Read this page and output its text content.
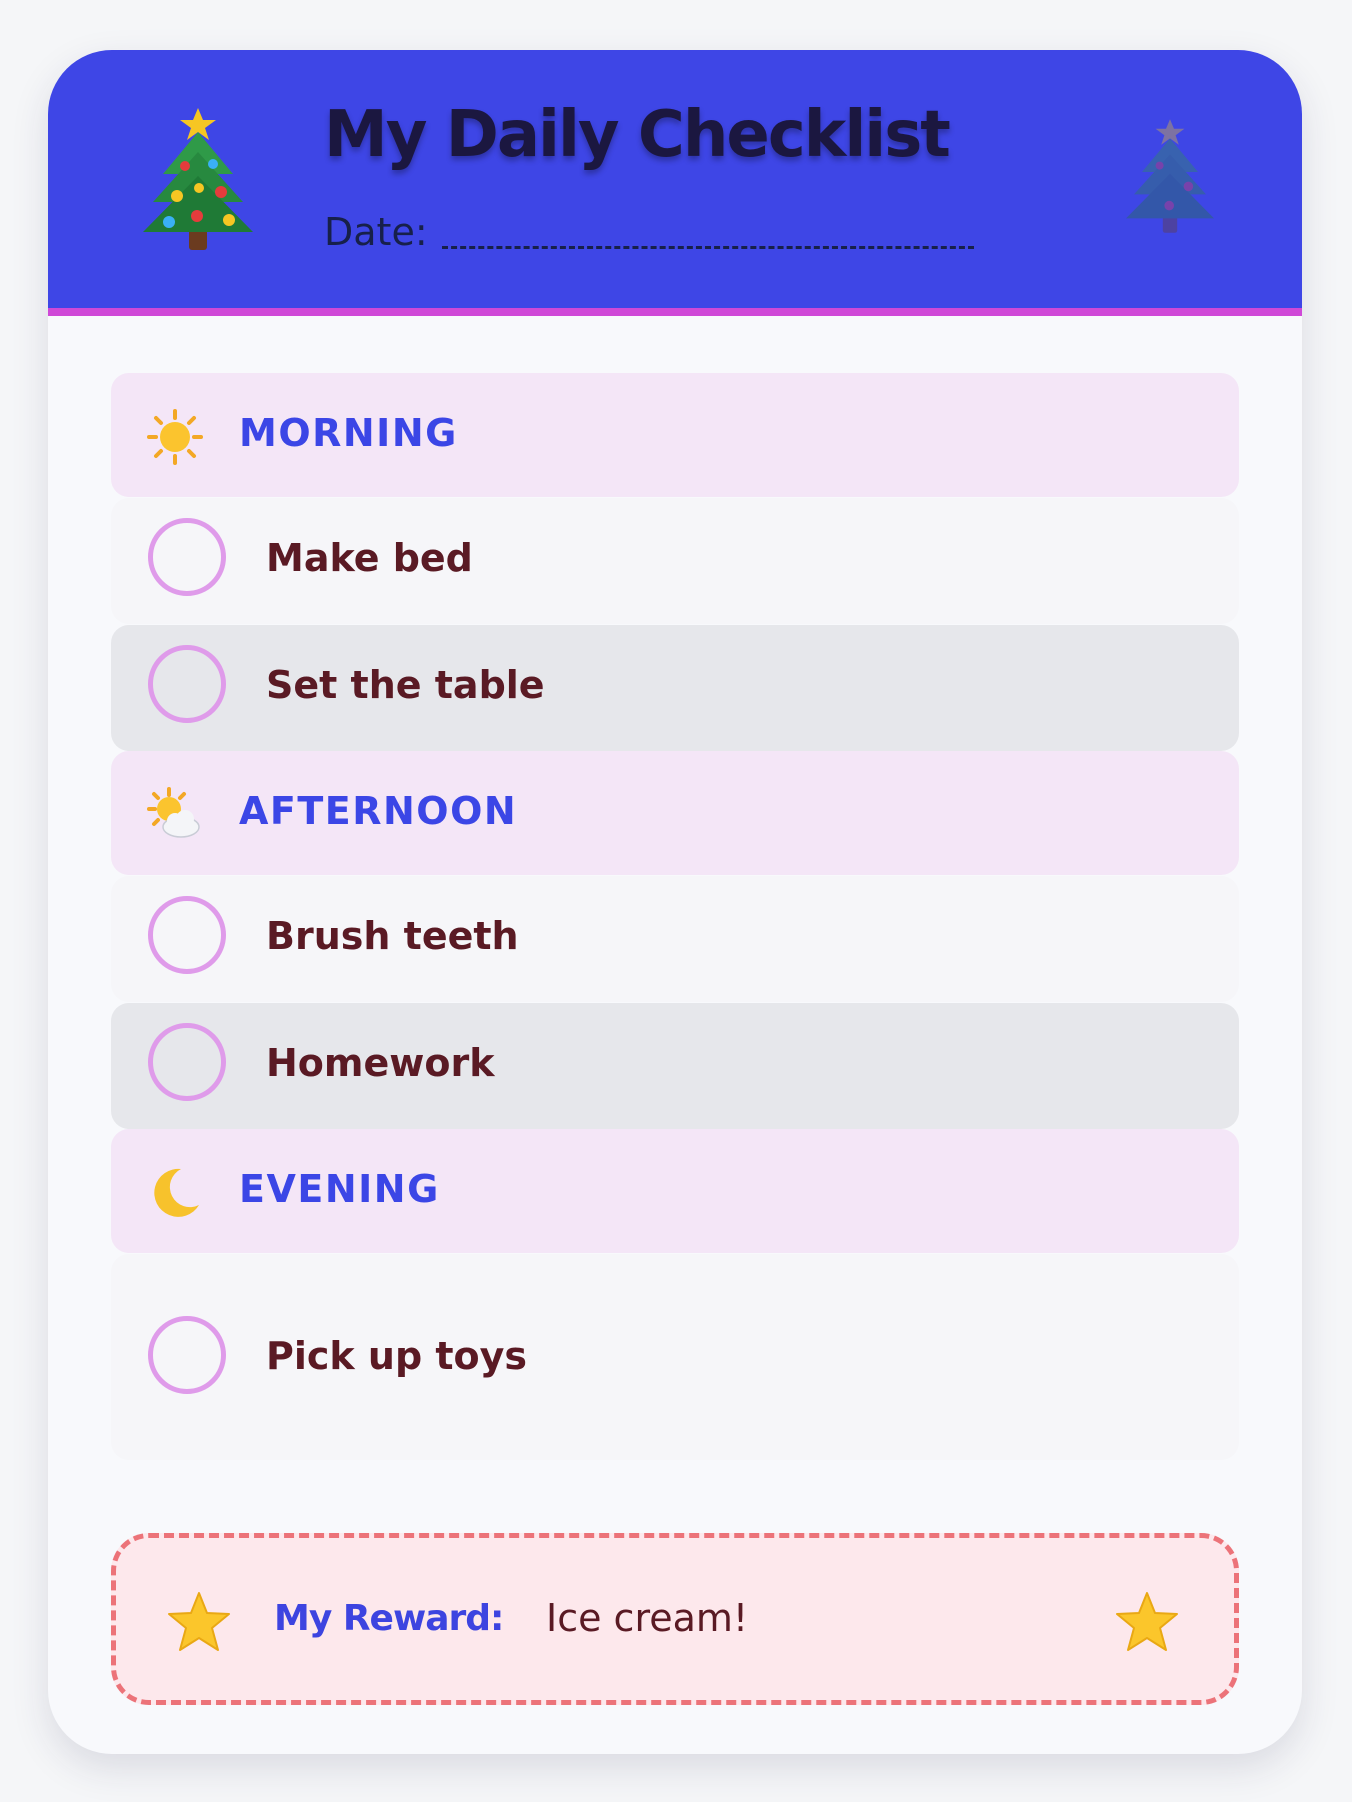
My Daily Checklist
Date:
MORNING
Make bed
Set the table
AFTERNOON
Brush teeth
Homework
EVENING
Pick up toys
My Reward: Ice cream!
